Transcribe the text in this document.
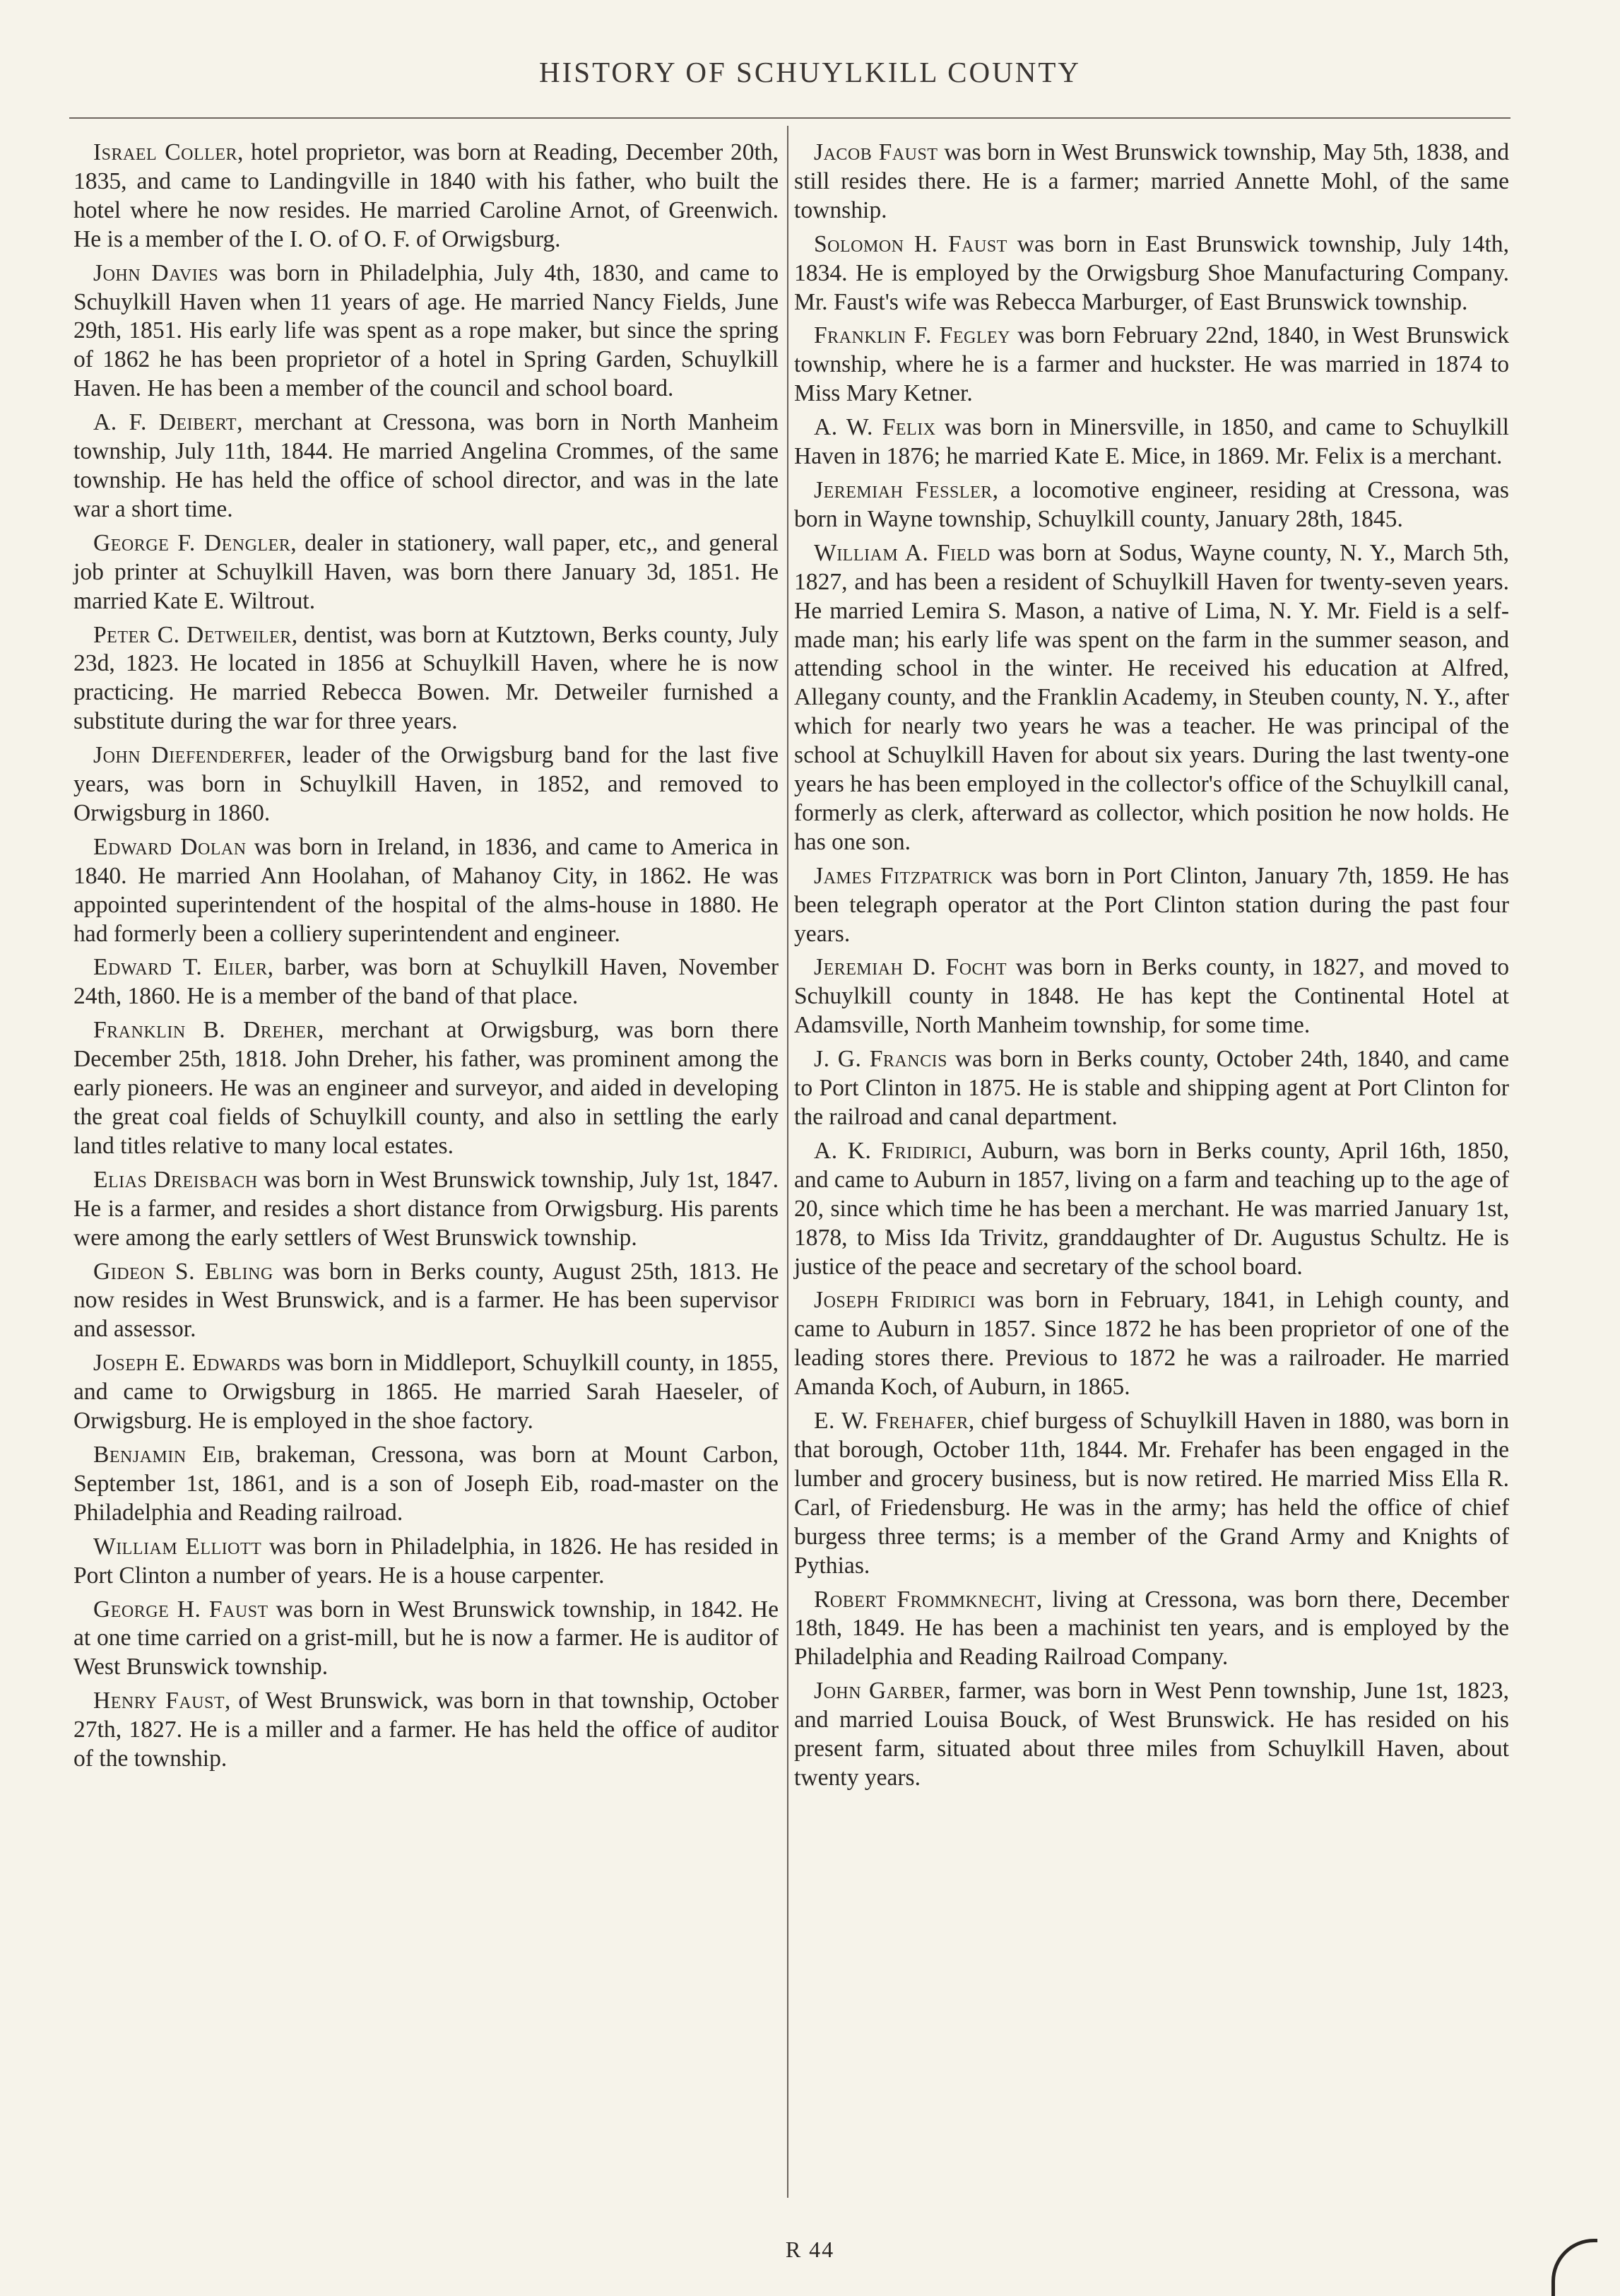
HISTORY OF SCHUYLKILL COUNTY

Israel Coller, hotel proprietor, was born at Reading, December 20th, 1835, and came to Landingville in 1840 with his father, who built the hotel where he now resides. He married Caroline Arnot, of Greenwich. He is a member of the I. O. of O. F. of Orwigsburg.

John Davies was born in Philadelphia, July 4th, 1830, and came to Schuylkill Haven when 11 years of age. He married Nancy Fields, June 29th, 1851. His early life was spent as a rope maker, but since the spring of 1862 he has been proprietor of a hotel in Spring Garden, Schuylkill Haven. He has been a member of the council and school board.

A. F. Deibert, merchant at Cressona, was born in North Manheim township, July 11th, 1844. He married Angelina Crommes, of the same township. He has held the office of school director, and was in the late war a short time.

George F. Dengler, dealer in stationery, wall paper, etc,, and general job printer at Schuylkill Haven, was born there January 3d, 1851. He married Kate E. Wiltrout.

Peter C. Detweiler, dentist, was born at Kutztown, Berks county, July 23d, 1823. He located in 1856 at Schuylkill Haven, where he is now practicing. He married Rebecca Bowen. Mr. Detweiler furnished a substitute during the war for three years.

John Diefenderfer, leader of the Orwigsburg band for the last five years, was born in Schuylkill Haven, in 1852, and removed to Orwigsburg in 1860.

Edward Dolan was born in Ireland, in 1836, and came to America in 1840. He married Ann Hoolahan, of Mahanoy City, in 1862. He was appointed superintendent of the hospital of the alms-house in 1880. He had formerly been a colliery superintendent and engineer.

Edward T. Eiler, barber, was born at Schuylkill Haven, November 24th, 1860. He is a member of the band of that place.

Franklin B. Dreher, merchant at Orwigsburg, was born there December 25th, 1818. John Dreher, his father, was prominent among the early pioneers. He was an engineer and surveyor, and aided in developing the great coal fields of Schuylkill county, and also in settling the early land titles relative to many local estates.

Elias Dreisbach was born in West Brunswick township, July 1st, 1847. He is a farmer, and resides a short distance from Orwigsburg. His parents were among the early settlers of West Brunswick township.

Gideon S. Ebling was born in Berks county, August 25th, 1813. He now resides in West Brunswick, and is a farmer. He has been supervisor and assessor.

Joseph E. Edwards was born in Middleport, Schuylkill county, in 1855, and came to Orwigsburg in 1865. He married Sarah Haeseler, of Orwigsburg. He is employed in the shoe factory.

Benjamin Eib, brakeman, Cressona, was born at Mount Carbon, September 1st, 1861, and is a son of Joseph Eib, road-master on the Philadelphia and Reading railroad.

William Elliott was born in Philadelphia, in 1826. He has resided in Port Clinton a number of years. He is a house carpenter.

George H. Faust was born in West Brunswick township, in 1842. He at one time carried on a grist-mill, but he is now a farmer. He is auditor of West Brunswick township.

Henry Faust, of West Brunswick, was born in that township, October 27th, 1827. He is a miller and a farmer. He has held the office of auditor of the township.

Jacob Faust was born in West Brunswick township, May 5th, 1838, and still resides there. He is a farmer; married Annette Mohl, of the same township.

Solomon H. Faust was born in East Brunswick township, July 14th, 1834. He is employed by the Orwigsburg Shoe Manufacturing Company. Mr. Faust's wife was Rebecca Marburger, of East Brunswick township.

Franklin F. Fegley was born February 22nd, 1840, in West Brunswick township, where he is a farmer and huckster. He was married in 1874 to Miss Mary Ketner.

A. W. Felix was born in Minersville, in 1850, and came to Schuylkill Haven in 1876; he married Kate E. Mice, in 1869. Mr. Felix is a merchant.

Jeremiah Fessler, a locomotive engineer, residing at Cressona, was born in Wayne township, Schuylkill county, January 28th, 1845.

William A. Field was born at Sodus, Wayne county, N. Y., March 5th, 1827, and has been a resident of Schuylkill Haven for twenty-seven years. He married Lemira S. Mason, a native of Lima, N. Y. Mr. Field is a self-made man; his early life was spent on the farm in the summer season, and attending school in the winter. He received his education at Alfred, Allegany county, and the Franklin Academy, in Steuben county, N. Y., after which for nearly two years he was a teacher. He was principal of the school at Schuylkill Haven for about six years. During the last twenty-one years he has been employed in the collector's office of the Schuylkill canal, formerly as clerk, afterward as collector, which position he now holds. He has one son.

James Fitzpatrick was born in Port Clinton, January 7th, 1859. He has been telegraph operator at the Port Clinton station during the past four years.

Jeremiah D. Focht was born in Berks county, in 1827, and moved to Schuylkill county in 1848. He has kept the Continental Hotel at Adamsville, North Manheim township, for some time.

J. G. Francis was born in Berks county, October 24th, 1840, and came to Port Clinton in 1875. He is stable and shipping agent at Port Clinton for the railroad and canal department.

A. K. Fridirici, Auburn, was born in Berks county, April 16th, 1850, and came to Auburn in 1857, living on a farm and teaching up to the age of 20, since which time he has been a merchant. He was married January 1st, 1878, to Miss Ida Trivitz, granddaughter of Dr. Augustus Schultz. He is justice of the peace and secretary of the school board.

Joseph Fridirici was born in February, 1841, in Lehigh county, and came to Auburn in 1857. Since 1872 he has been proprietor of one of the leading stores there. Previous to 1872 he was a railroader. He married Amanda Koch, of Auburn, in 1865.

E. W. Frehafer, chief burgess of Schuylkill Haven in 1880, was born in that borough, October 11th, 1844. Mr. Frehafer has been engaged in the lumber and grocery business, but is now retired. He married Miss Ella R. Carl, of Friedensburg. He was in the army; has held the office of chief burgess three terms; is a member of the Grand Army and Knights of Pythias.

Robert Frommknecht, living at Cressona, was born there, December 18th, 1849. He has been a machinist ten years, and is employed by the Philadelphia and Reading Railroad Company.

John Garber, farmer, was born in West Penn township, June 1st, 1823, and married Louisa Bouck, of West Brunswick. He has resided on his present farm, situated about three miles from Schuylkill Haven, about twenty years.

R 44
